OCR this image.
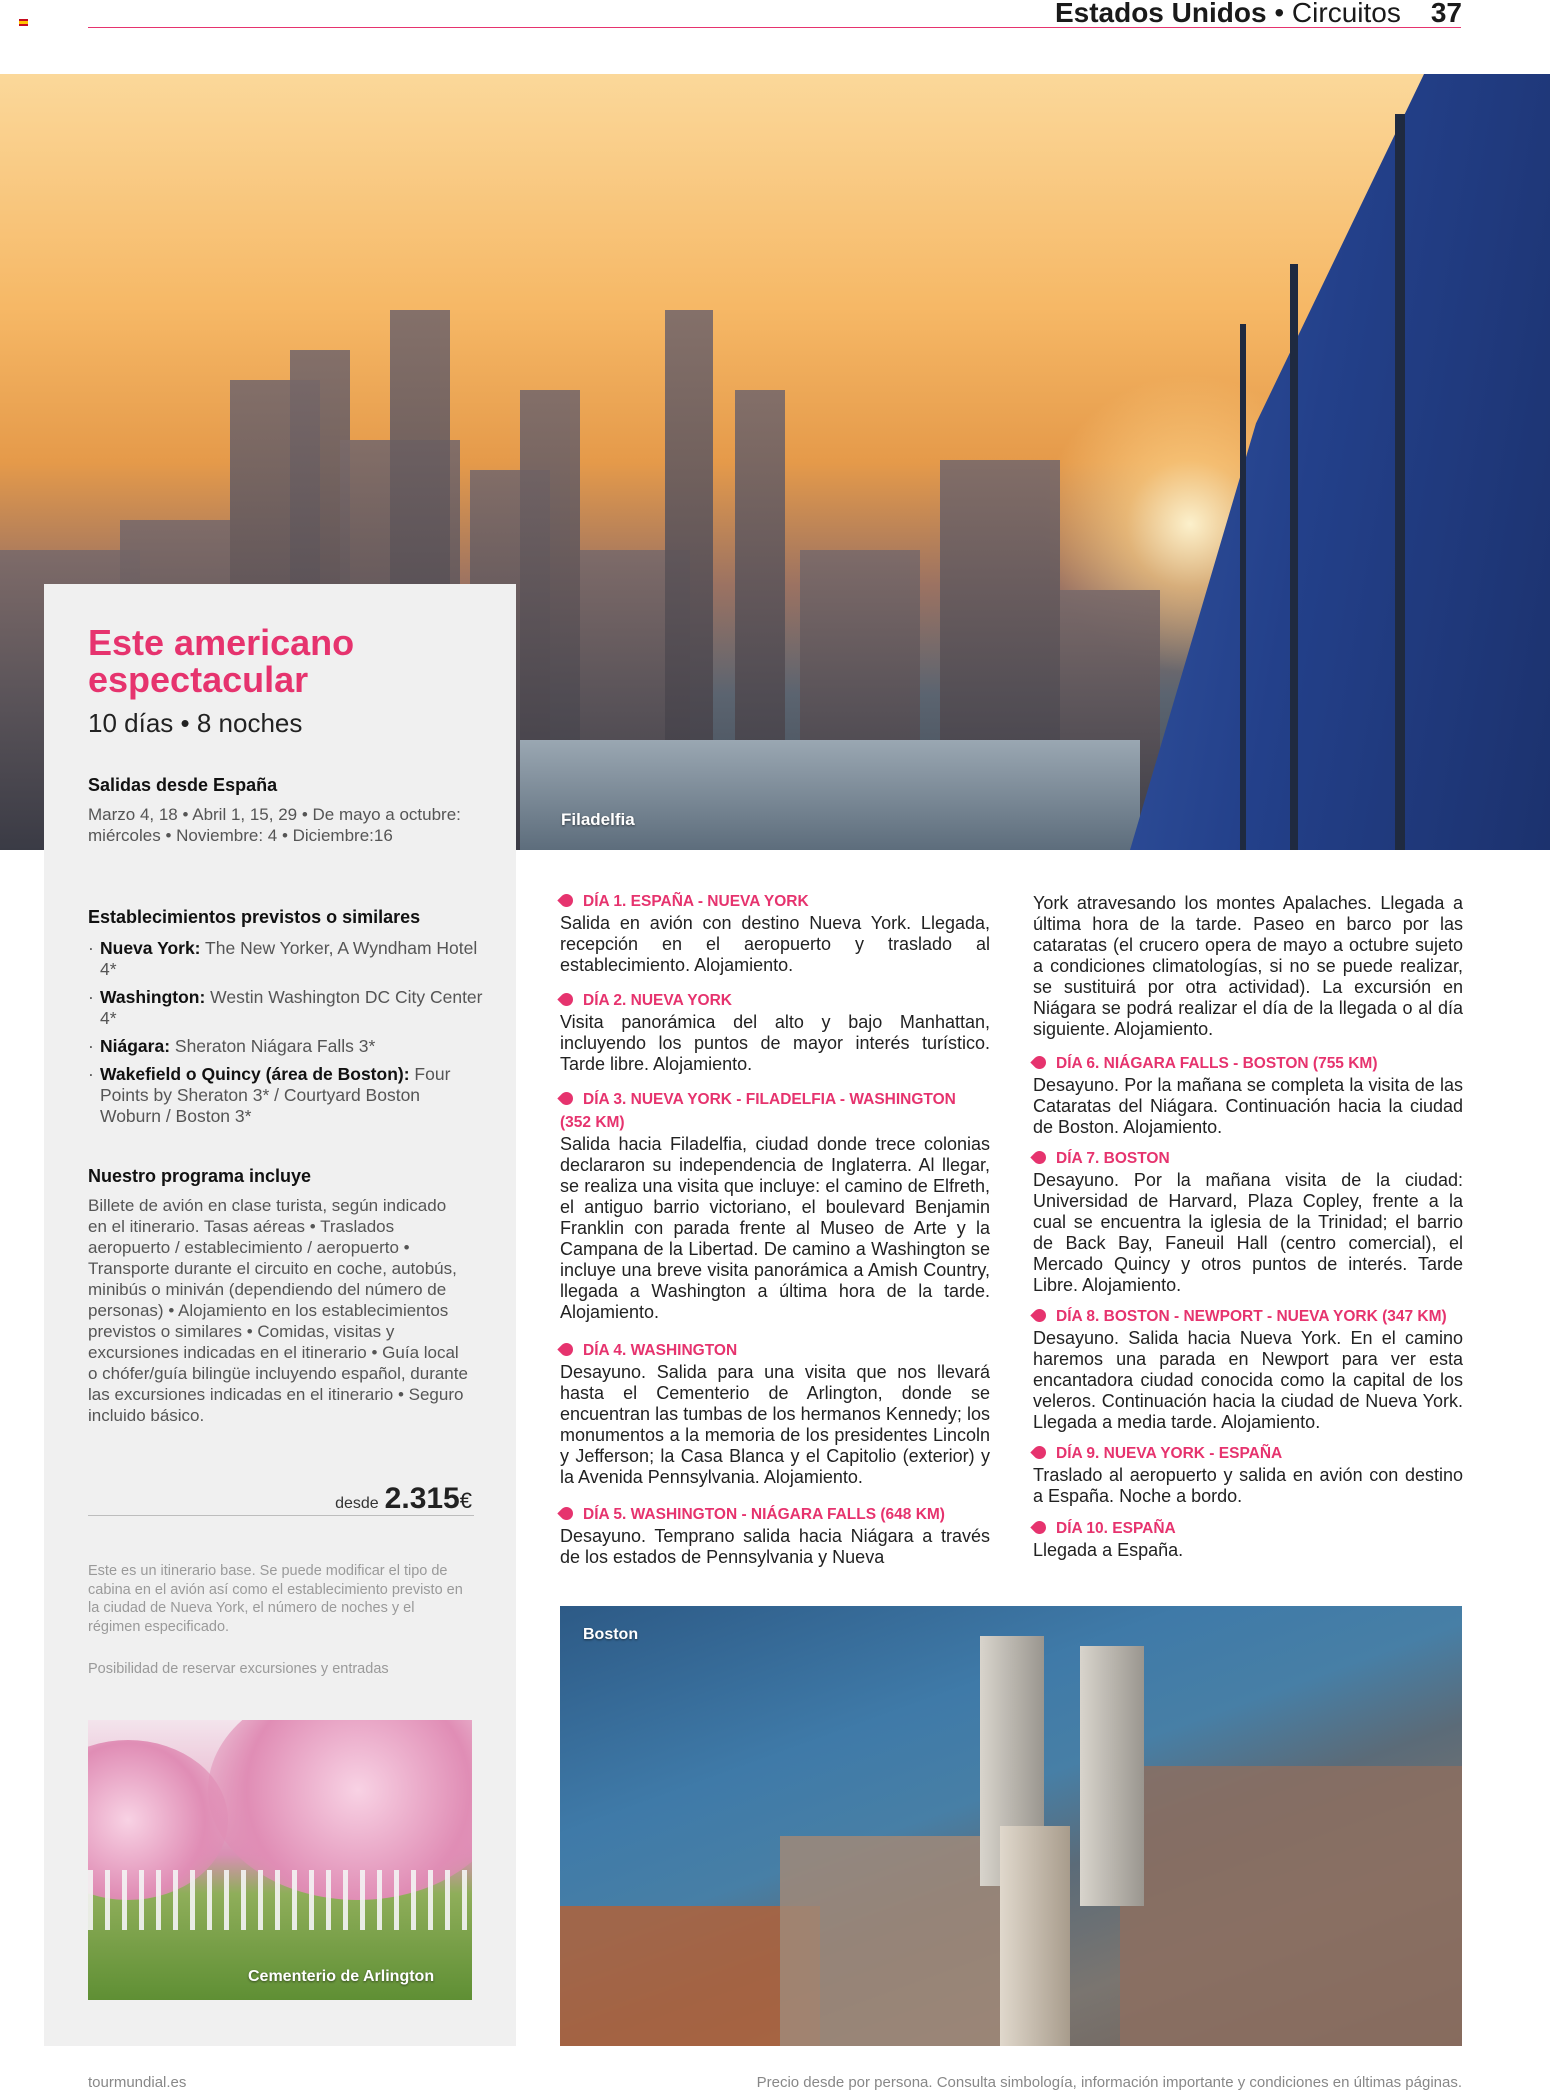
Estados Unidos • Circuitos 37
Filadelfia
Este americano espectacular
10 días • 8 noches
Salidas desde España
Marzo 4, 18 • Abril 1, 15, 29 • De mayo a octubre: miércoles • Noviembre: 4 • Diciembre:16
Establecimientos previstos o similares
· Nueva York: The New Yorker, A Wyndham Hotel 4*
· Washington: Westin Washington DC City Center 4*
· Niágara: Sheraton Niágara Falls 3*
· Wakefield o Quincy (área de Boston): Four Points by Sheraton 3* / Courtyard Boston Woburn / Boston 3*
Nuestro programa incluye
Billete de avión en clase turista, según indicado en el itinerario. Tasas aéreas • Traslados aeropuerto / establecimiento / aeropuerto • Transporte durante el circuito en coche, autobús, minibús o miniván (dependiendo del número de personas) • Alojamiento en los establecimientos previstos o similares • Comidas, visitas y excursiones indicadas en el itinerario • Guía local o chófer/guía bilingüe incluyendo español, durante las excursiones indicadas en el itinerario • Seguro incluido básico.
desde 2.315€
Este es un itinerario base. Se puede modificar el tipo de cabina en el avión así como el establecimiento previsto en la ciudad de Nueva York, el número de noches y el régimen especificado.
Posibilidad de reservar excursiones y entradas
Cementerio de Arlington
DÍA 1. ESPAÑA - NUEVA YORK
Salida en avión con destino Nueva York. Llegada, recepción en el aeropuerto y traslado al establecimiento. Alojamiento.
DÍA 2. NUEVA YORK
Visita panorámica del alto y bajo Manhattan, incluyendo los puntos de mayor interés turístico. Tarde libre. Alojamiento.
DÍA 3. NUEVA YORK - FILADELFIA - WASHINGTON
(352 KM)
Salida hacia Filadelfia, ciudad donde trece colonias declararon su independencia de Inglaterra. Al llegar, se realiza una visita que incluye: el camino de Elfreth, el antiguo barrio victoriano, el boulevard Benjamin Franklin con parada frente al Museo de Arte y la Campana de la Libertad. De camino a Washington se incluye una breve visita panorámica a Amish Country, llegada a Washington a última hora de la tarde. Alojamiento.
DÍA 4. WASHINGTON
Desayuno. Salida para una visita que nos llevará hasta el Cementerio de Arlington, donde se encuentran las tumbas de los hermanos Kennedy; los monumentos a la memoria de los presidentes Lincoln y Jefferson; la Casa Blanca y el Capitolio (exterior) y la Avenida Pennsylvania. Alojamiento.
DÍA 5. WASHINGTON - NIÁGARA FALLS (648 KM)
Desayuno. Temprano salida hacia Niágara a través de los estados de Pennsylvania y Nueva
York atravesando los montes Apalaches. Llegada a última hora de la tarde. Paseo en barco por las cataratas (el crucero opera de mayo a octubre sujeto a condiciones climatologías, si no se puede realizar, se sustituirá por otra actividad). La excursión en Niágara se podrá realizar el día de la llegada o al día siguiente. Alojamiento.
DÍA 6. NIÁGARA FALLS - BOSTON (755 KM)
Desayuno. Por la mañana se completa la visita de las Cataratas del Niágara. Continuación hacia la ciudad de Boston. Alojamiento.
DÍA 7. BOSTON
Desayuno. Por la mañana visita de la ciudad: Universidad de Harvard, Plaza Copley, frente a la cual se encuentra la iglesia de la Trinidad; el barrio de Back Bay, Faneuil Hall (centro comercial), el Mercado Quincy y otros puntos de interés. Tarde Libre. Alojamiento.
DÍA 8. BOSTON - NEWPORT - NUEVA YORK (347 KM)
Desayuno. Salida hacia Nueva York. En el camino haremos una parada en Newport para ver esta encantadora ciudad conocida como la capital de los veleros. Continuación hacia la ciudad de Nueva York. Llegada a media tarde. Alojamiento.
DÍA 9. NUEVA YORK - ESPAÑA
Traslado al aeropuerto y salida en avión con destino a España. Noche a bordo.
DÍA 10. ESPAÑA
Llegada a España.
Boston
tourmundial.es	Precio desde por persona. Consulta simbología, información importante y condiciones en últimas páginas.
